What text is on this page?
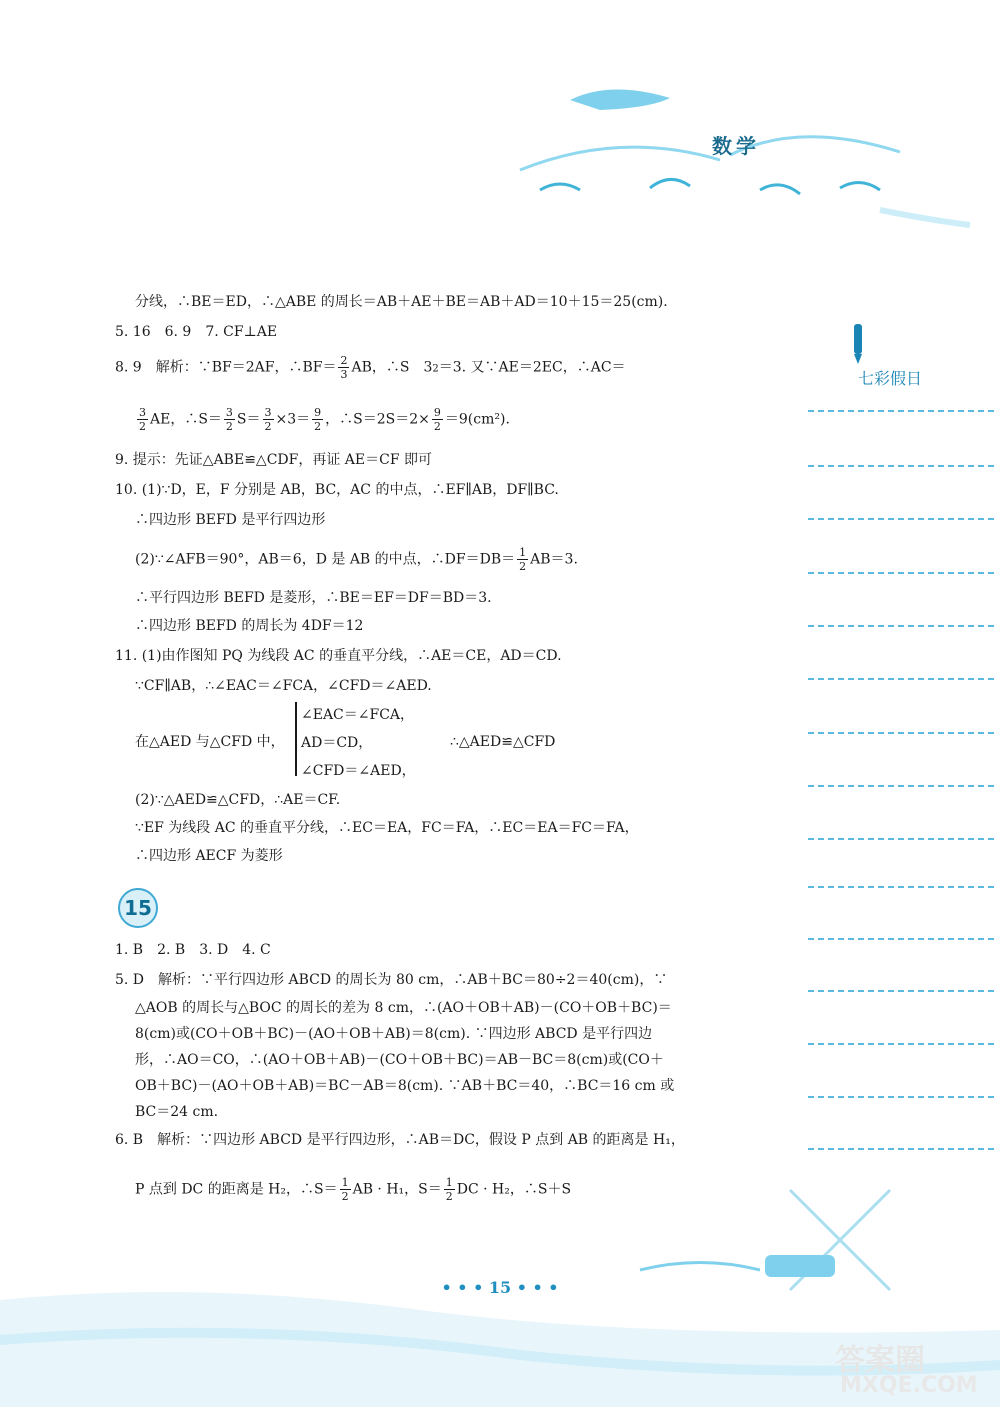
数学
七彩假日
分线，∴BE＝ED，∴△ABE 的周长＝AB＋AE＋BE＝AB＋AD＝10＋15＝25(cm).
5. 16　6. 9　7. CF⊥AE
8. 9　解析：∵BF＝2AF，∴BF＝ $\frac{2}{3}$ AB，∴S　 32＝3. 又∵AE＝2EC，∴AC＝
$\frac{3}{2}$ AE，∴S＝ $\frac{3}{2} S= \frac{3}{2} \times 3= \frac{9}{2}$ ，∴S＝2S＝2× $\frac{9}{2} =9(cm^2)$.
9. 提示：先证△ABE≌△CDF，再证 AE＝CF 即可
10. (1)∵D，E，F 分别是 AB，BC，AC 的中点，∴EF∥AB，DF∥BC.
∴四边形 BEFD 是平行四边形
(2)∵∠AFB＝90°，AB＝6，D 是 AB 的中点，∴DF＝DB＝ $\frac{1}{2} AB=3$.
∴平行四边形 BEFD 是菱形，∴BE＝EF＝DF＝BD＝3.
∴四边形 BEFD 的周长为 4DF＝12
11. (1)由作图知 PQ 为线段 AC 的垂直平分线，∴AE＝CE，AD＝CD.
∵CF∥AB，∴∠EAC＝∠FCA，∠CFD＝∠AED.
在△AED 与△CFD 中，
∠EAC＝∠FCA，
AD＝CD，
∠CFD＝∠AED，
∴△AED≌△CFD
(2)∵△AED≌△CFD，∴AE＝CF.
∵EF 为线段 AC 的垂直平分线，∴EC＝EA，FC＝FA，∴EC＝EA＝FC＝FA，
∴四边形 AECF 为菱形
15
1. B　2. B　3. D　4. C
5. D　解析：∵平行四边形 ABCD 的周长为 80 cm，∴AB＋BC＝80÷2＝40(cm)，∵
△AOB 的周长与△BOC 的周长的差为 8 cm，∴(AO＋OB＋AB)－(CO＋OB＋BC)＝
8(cm)或(CO＋OB＋BC)－(AO＋OB＋AB)＝8(cm). ∵四边形 ABCD 是平行四边
形，∴AO＝CO，∴(AO＋OB＋AB)－(CO＋OB＋BC)＝AB－BC＝8(cm)或(CO＋
OB＋BC)－(AO＋OB＋AB)＝BC－AB＝8(cm). ∵AB＋BC＝40，∴BC＝16 cm 或
BC＝24 cm.
6. B　解析：∵四边形 ABCD 是平行四边形，∴AB＝DC，假设 P 点到 AB 的距离是 H₁，
P 点到 DC 的距离是 H₂，∴S＝ $\frac{1}{2}$ AB · H₁，$S= \frac{1}{2}$ DC · H₂，∴S＋S
• • • 15 • • •
答案圈
MXQE.COM
